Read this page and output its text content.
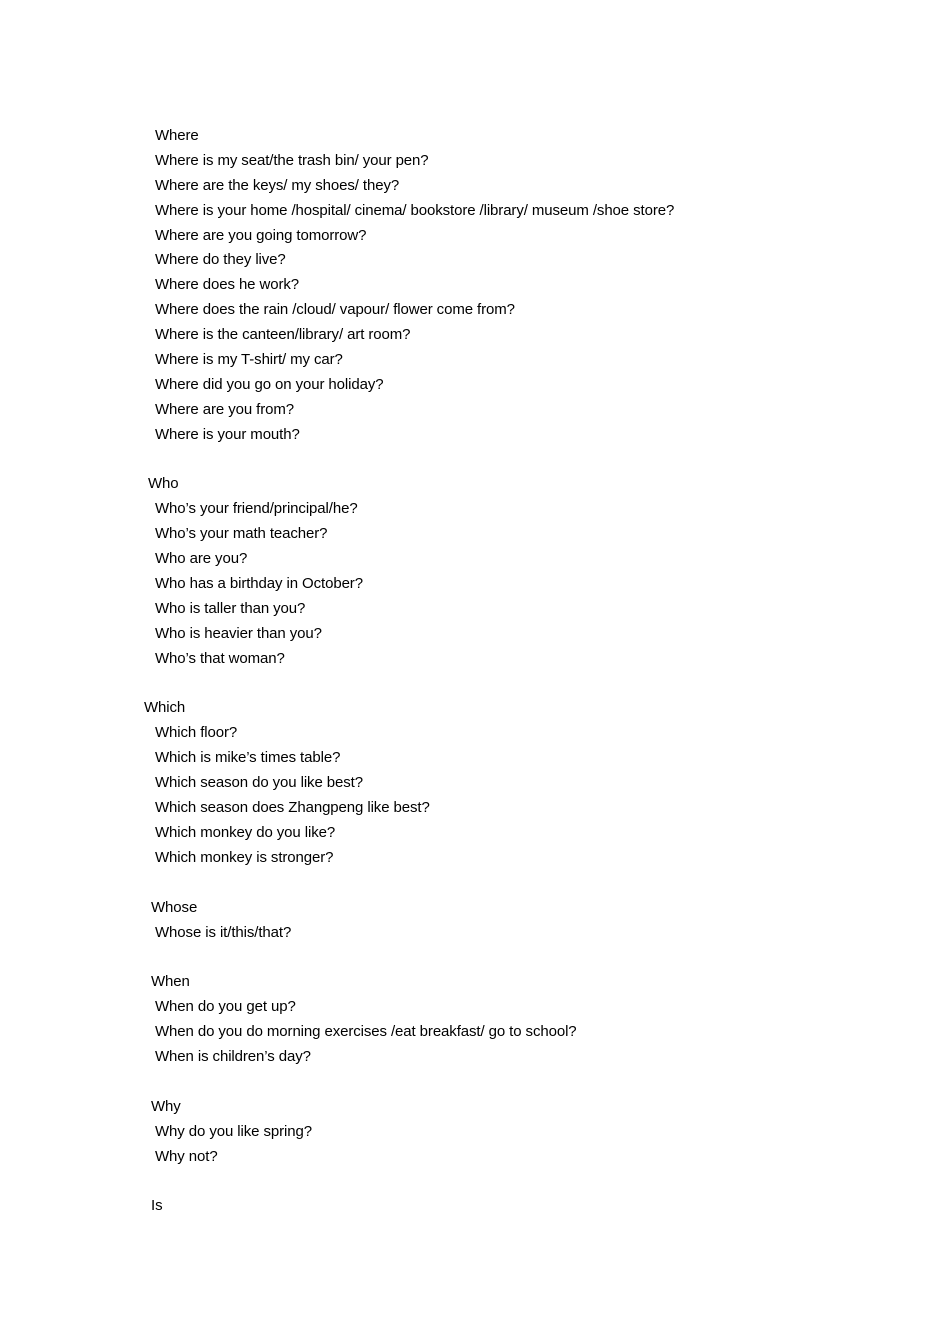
Where
Where is my seat/the trash bin/ your pen?
Where are the keys/ my shoes/ they?
Where is your home /hospital/ cinema/ bookstore /library/ museum /shoe store?
Where are you going tomorrow?
Where do they live?
Where does he work?
Where does the rain /cloud/ vapour/ flower come from?
Where is the canteen/library/ art room?
Where is my T-shirt/ my car?
Where did you go on your holiday?
Where are you from?
Where is your mouth?
Who
Who’s your friend/principal/he?
Who’s your math teacher?
Who are you?
Who has a birthday in October?
Who is taller than you?
Who is heavier than you?
Who’s that woman?
Which
Which floor?
Which is mike’s times table?
Which season do you like best?
Which season does Zhangpeng like best?
Which monkey do you like?
Which monkey is stronger?
Whose
Whose is it/this/that?
When
When do you get up?
When do you do morning exercises /eat breakfast/ go to school?
When is children’s day?
Why
Why do you like spring?
Why not?
Is
